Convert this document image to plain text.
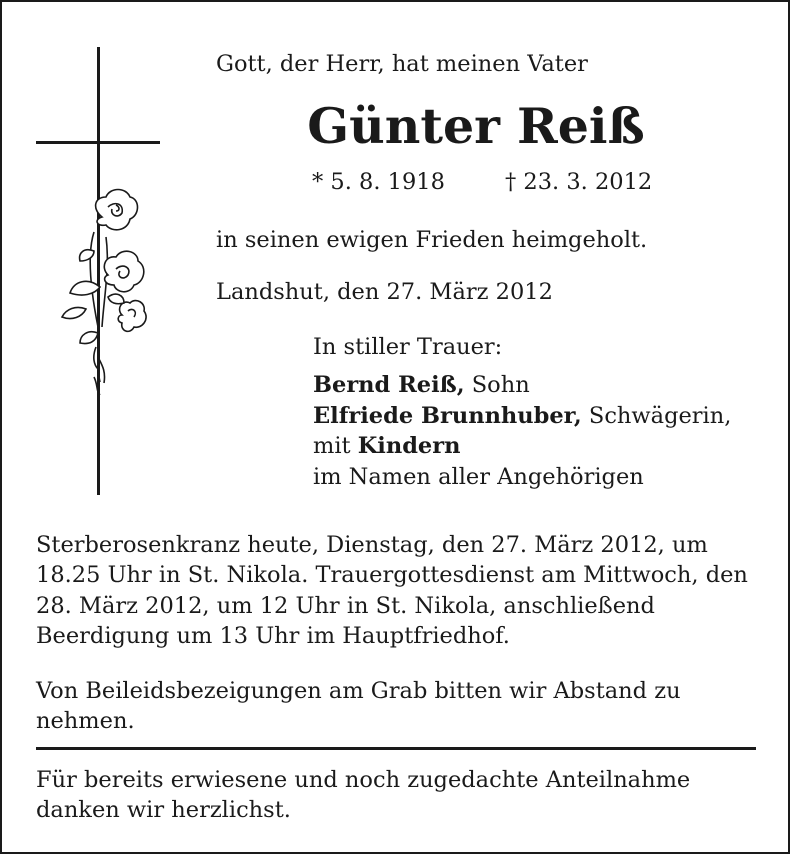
Gott, der Herr, hat meinen Vater

Günter Reiß

* 5. 8. 1918	† 23. 3. 2012

in seinen ewigen Frieden heimgeholt.

Landshut, den 27. März 2012

In stiller Trauer:

Bernd Reiß, Sohn
Elfriede Brunnhuber, Schwägerin,
mit Kindern
im Namen aller Angehörigen

Sterberosenkranz heute, Dienstag, den 27. März 2012, um 18.25 Uhr in St. Nikola. Trauergottesdienst am Mittwoch, den 28. März 2012, um 12 Uhr in St. Nikola, anschließend Beerdigung um 13 Uhr im Hauptfriedhof.

Von Beileidsbezeigungen am Grab bitten wir Abstand zu nehmen.

Für bereits erwiesene und noch zugedachte Anteilnahme danken wir herzlichst.
